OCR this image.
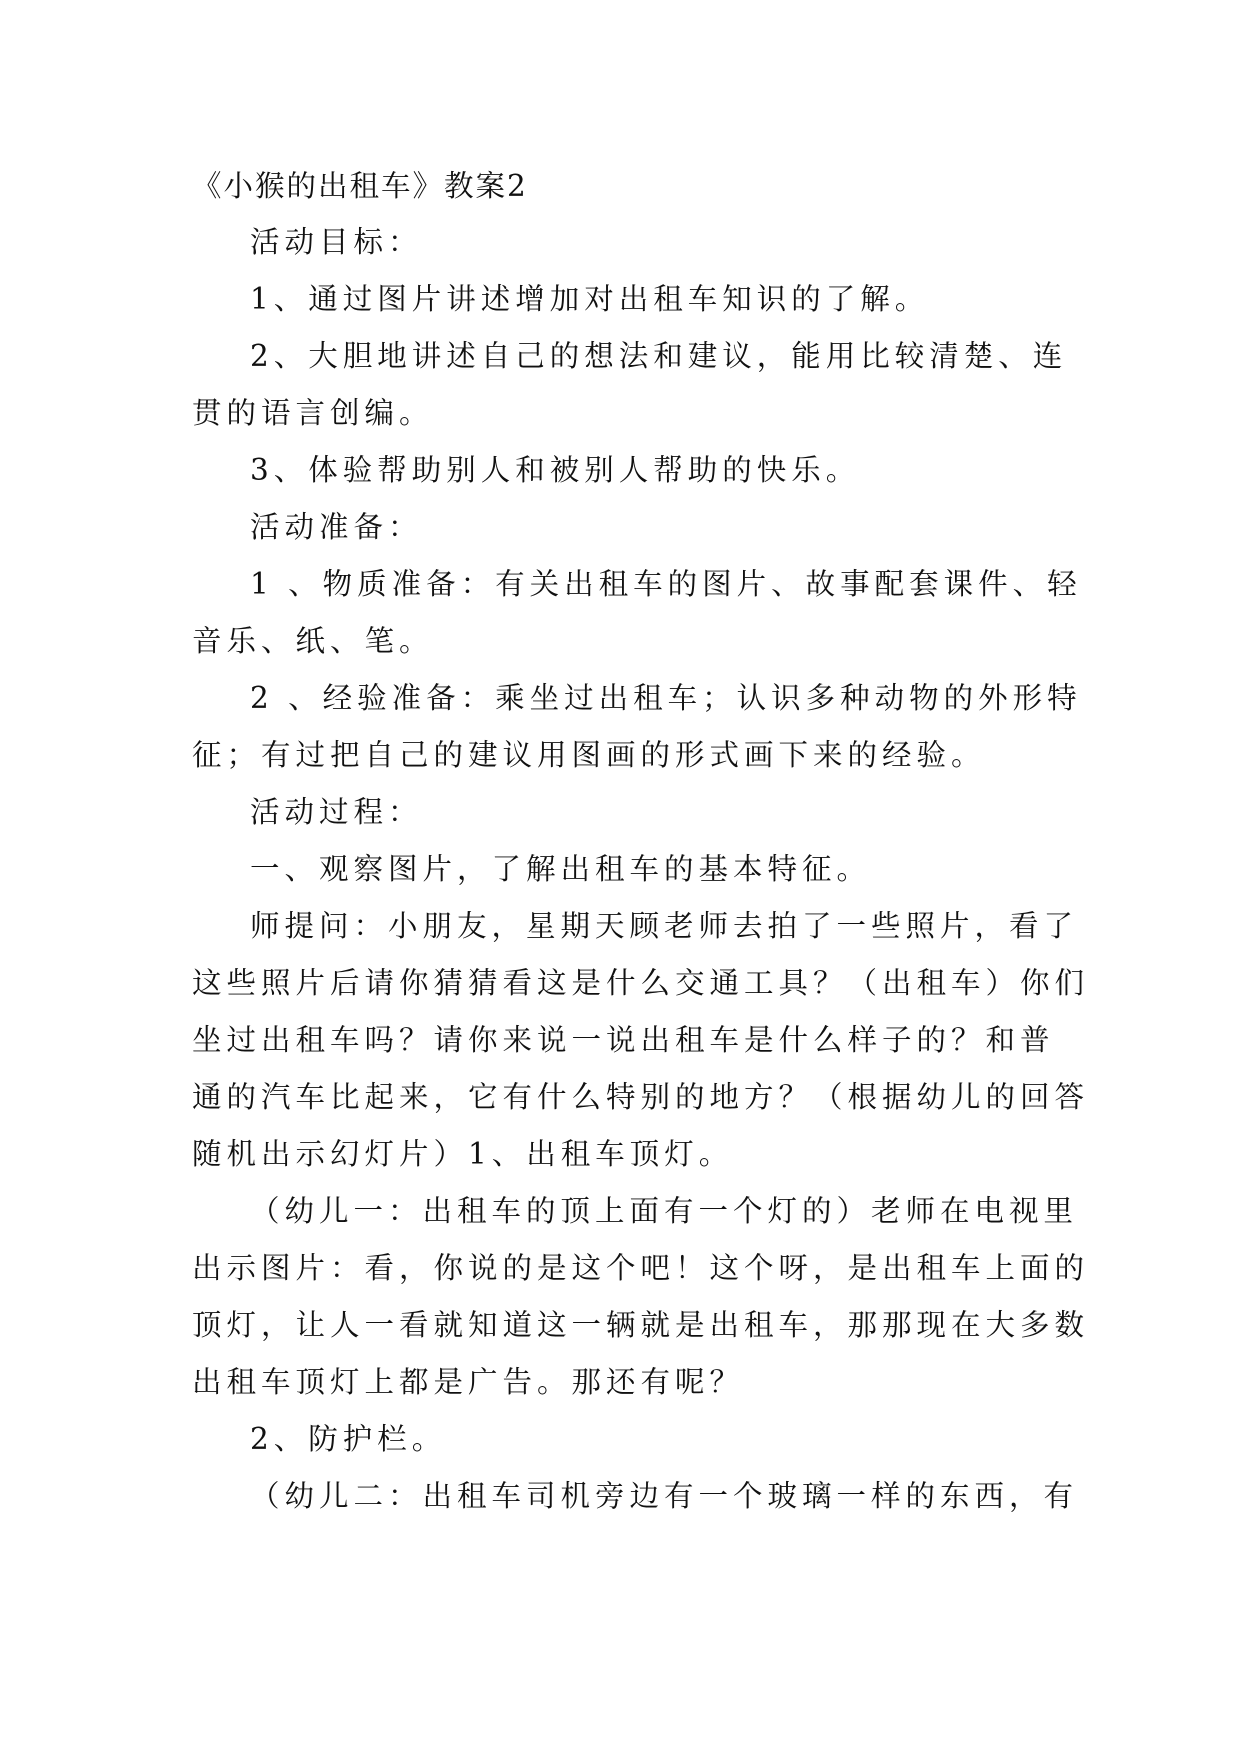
《小猴的出租车》教案2
活动目标：
1、通过图片讲述增加对出租车知识的了解。
2、大胆地讲述自己的想法和建议，能用比较清楚、连
贯的语言创编。
3、体验帮助别人和被别人帮助的快乐。
活动准备：
1 、物质准备：有关出租车的图片、故事配套课件、轻
音乐、纸、笔。
2 、经验准备：乘坐过出租车；认识多种动物的外形特
征；有过把自己的建议用图画的形式画下来的经验。
活动过程：
一、观察图片，了解出租车的基本特征。
师提问：小朋友，星期天顾老师去拍了一些照片，看了
这些照片后请你猜猜看这是什么交通工具？（出租车）你们
坐过出租车吗？请你来说一说出租车是什么样子的？和普
通的汽车比起来，它有什么特别的地方？（根据幼儿的回答
随机出示幻灯片）1、出租车顶灯。
（幼儿一：出租车的顶上面有一个灯的）老师在电视里
出示图片：看，你说的是这个吧！这个呀，是出租车上面的
顶灯，让人一看就知道这一辆就是出租车，那那现在大多数
出租车顶灯上都是广告。那还有呢？
2、防护栏。
（幼儿二：出租车司机旁边有一个玻璃一样的东西，有
